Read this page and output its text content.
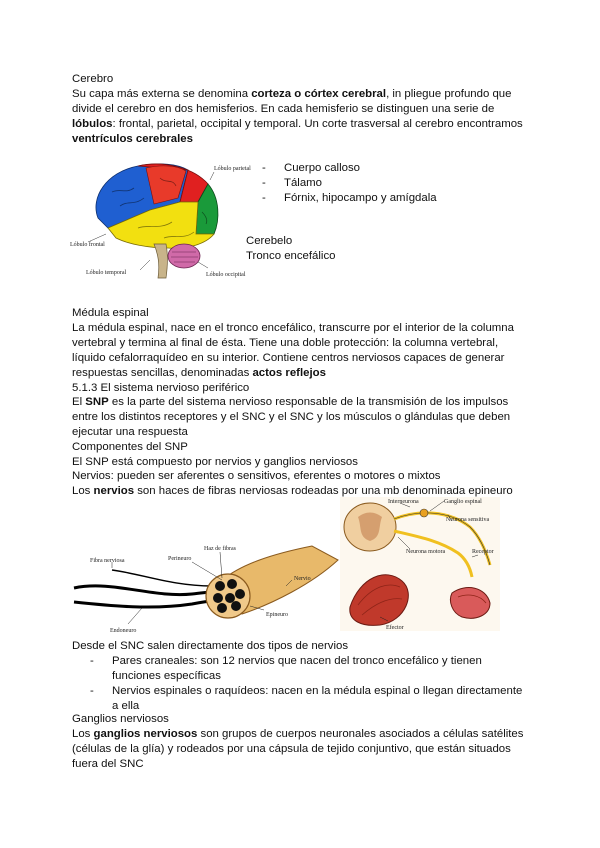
Cerebro

Su capa más externa se denomina corteza o córtex cerebral, in pliegue profundo que divide el cerebro en dos hemisferios. En cada hemisferio se distinguen una serie de lóbulos: frontal, parietal, occipital y temporal. Un corte trasversal al cerebro encontramos ventrículos cerebrales

Lóbulo parietal
Lóbulo frontal
Lóbulo temporal	Lóbulo occipital
- Cuerpo calloso
- Tálamo
- Fórnix, hipocampo y amígdala

Cerebelo

Tronco encefálico

Médula espinal

La médula espinal, nace en el tronco encefálico, transcurre por el interior de la columna vertebral y termina al final de ésta. Tiene una doble protección: la columna vertebral, líquido cefalorraquídeo en su interior. Contiene centros nerviosos capaces de generar respuestas sencillas, denominadas actos reflejos

5.1.3 El sistema nervioso periférico

El SNP es la parte del sistema nervioso responsable de la transmisión de los impulsos entre los distintos receptores y el SNC y el SNC y los músculos o glándulas que deben ejecutar una respuesta

Componentes del SNP

El SNP está compuesto por nervios y ganglios nerviosos

Nervios: pueden ser aferentes o sensitivos, eferentes o motores o mixtos

Los nervios son haces de fibras nerviosas rodeadas por una mb denominada epineuro

Fibra nerviosa
Haz de fibras
Perineuro
Nervio
Epineuro
Endoneuro
Interneurona	Ganglio espinal
Neurona sensitiva
Neurona motora	Receptor
Efector

Desde el SNC salen directamente dos tipos de nervios

- Pares craneales: son 12 nervios que nacen del tronco encefálico y tienen funciones específicas
- Nervios espinales o raquídeos: nacen en la médula espinal o llegan directamente a ella

Ganglios nerviosos

Los ganglios nerviosos son grupos de cuerpos neuronales asociados a células satélites (células de la glía) y rodeados por una cápsula de tejido conjuntivo, que están situados fuera del SNC
